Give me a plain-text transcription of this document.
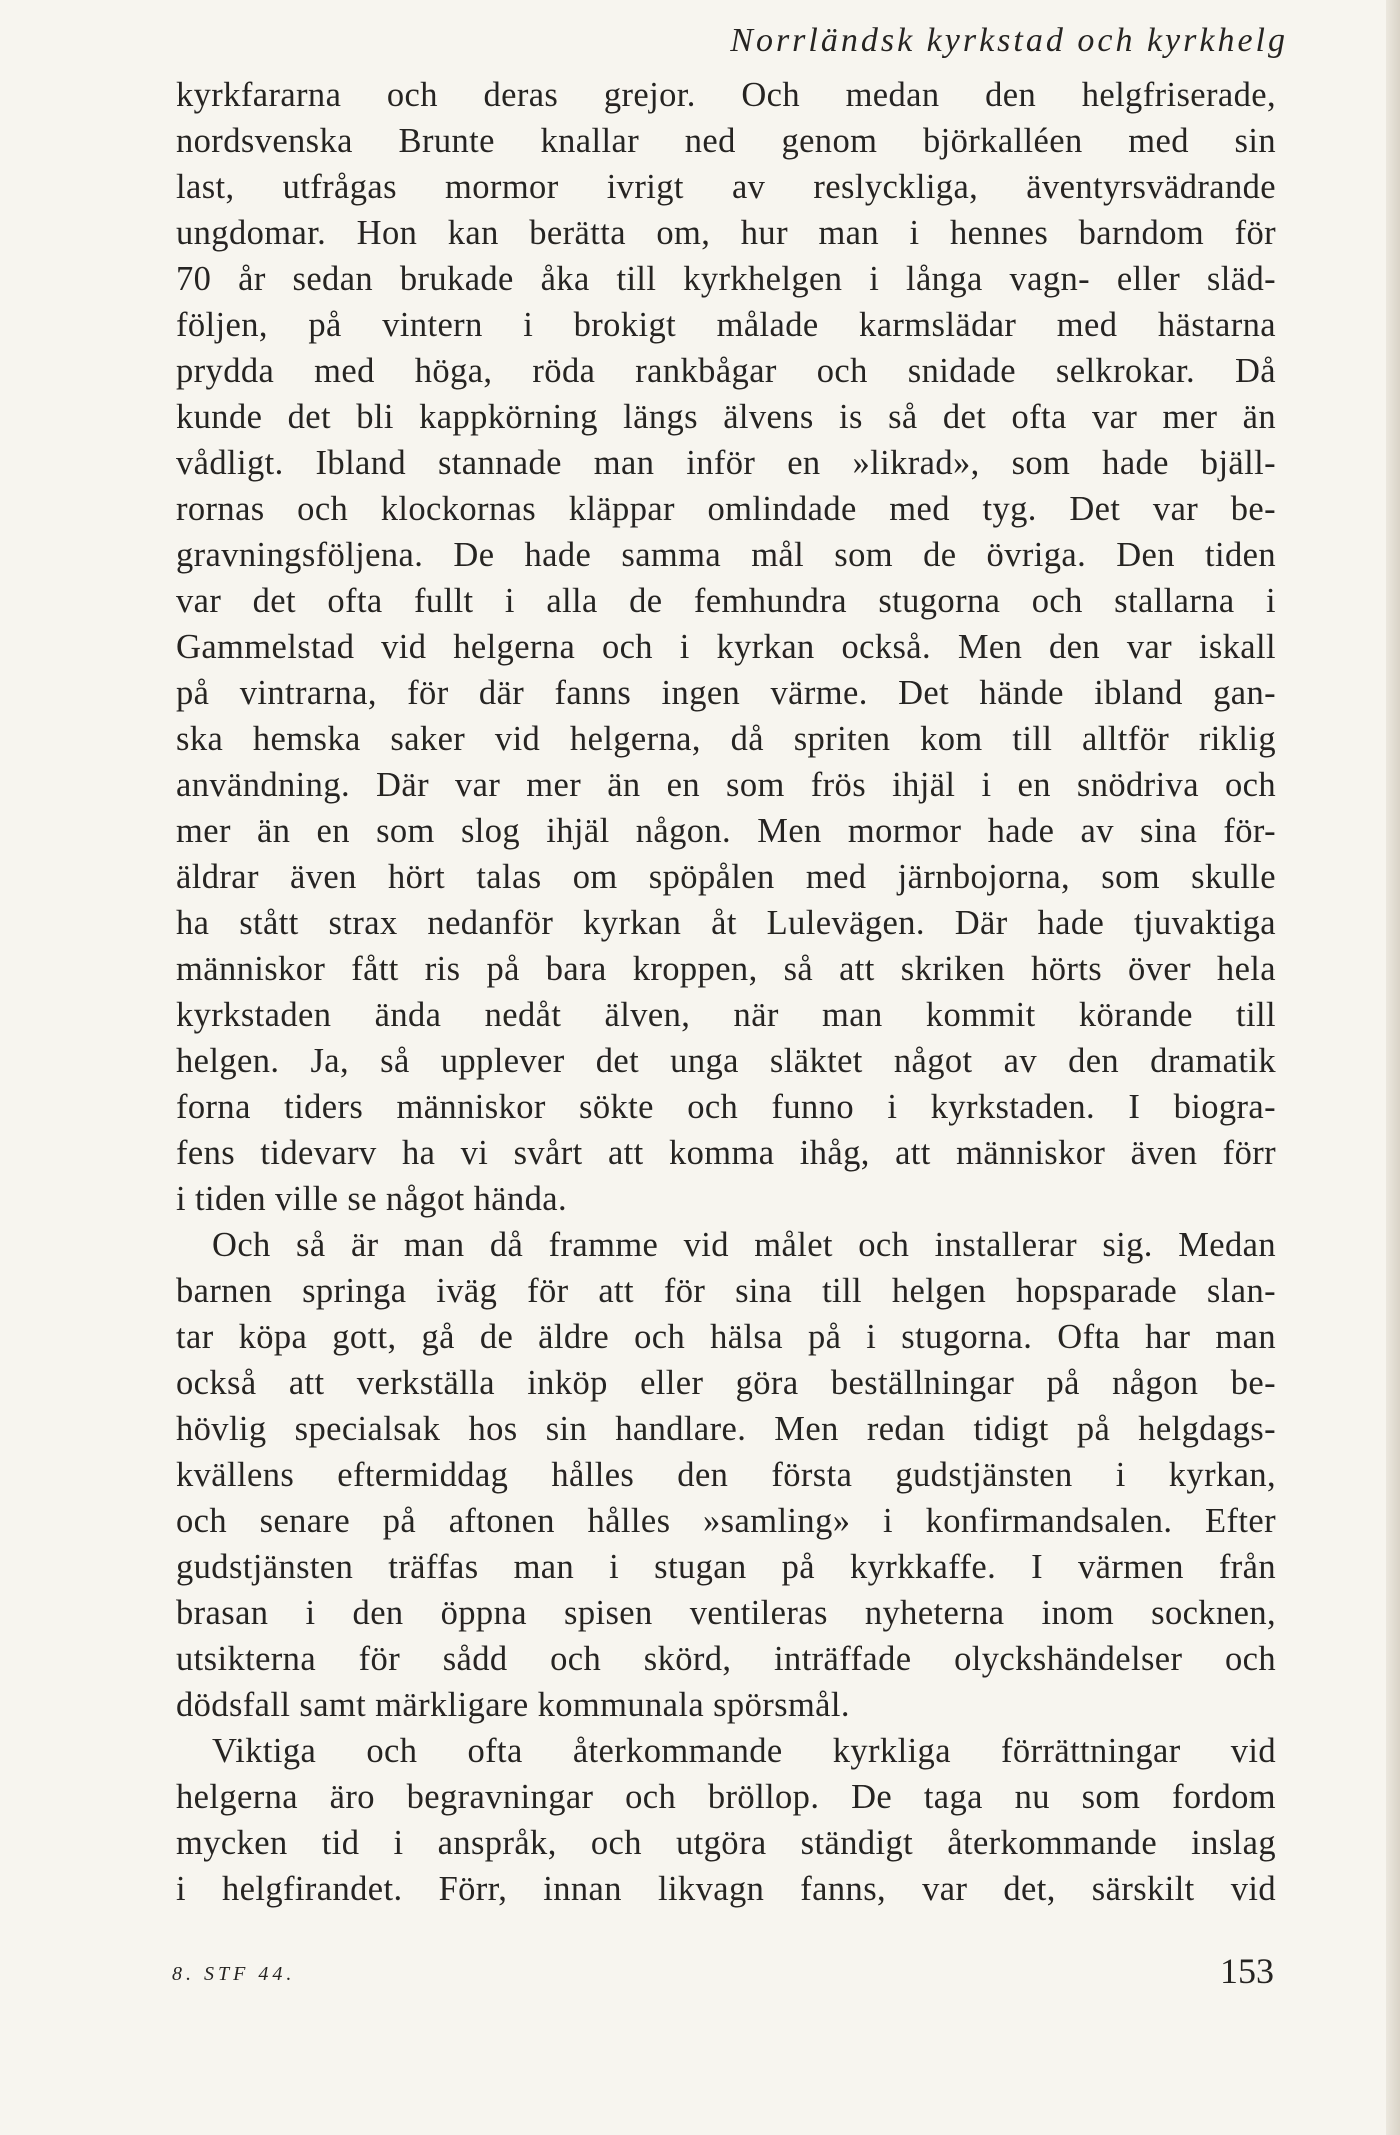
Norrländsk kyrkstad och kyrkhelg
kyrkfararna och deras grejor. Och medan den helgfriserade,
nordsvenska Brunte knallar ned genom björkalléen med sin
last, utfrågas mormor ivrigt av reslyckliga, äventyrsvädrande
ungdomar. Hon kan berätta om, hur man i hennes barndom för
70 år sedan brukade åka till kyrkhelgen i långa vagn- eller släd-
följen, på vintern i brokigt målade karmslädar med hästarna
prydda med höga, röda rankbågar och snidade selkrokar. Då
kunde det bli kappkörning längs älvens is så det ofta var mer än
vådligt. Ibland stannade man inför en »likrad», som hade bjäll-
rornas och klockornas kläppar omlindade med tyg. Det var be-
gravningsföljena. De hade samma mål som de övriga. Den tiden
var det ofta fullt i alla de femhundra stugorna och stallarna i
Gammelstad vid helgerna och i kyrkan också. Men den var iskall
på vintrarna, för där fanns ingen värme. Det hände ibland gan-
ska hemska saker vid helgerna, då spriten kom till alltför riklig
användning. Där var mer än en som frös ihjäl i en snödriva och
mer än en som slog ihjäl någon. Men mormor hade av sina för-
äldrar även hört talas om spöpålen med järnbojorna, som skulle
ha stått strax nedanför kyrkan åt Lulevägen. Där hade tjuvaktiga
människor fått ris på bara kroppen, så att skriken hörts över hela
kyrkstaden ända nedåt älven, när man kommit körande till
helgen. Ja, så upplever det unga släktet något av den dramatik
forna tiders människor sökte och funno i kyrkstaden. I biogra-
fens tidevarv ha vi svårt att komma ihåg, att människor även förr
i tiden ville se något hända.
Och så är man då framme vid målet och installerar sig. Medan
barnen springa iväg för att för sina till helgen hopsparade slan-
tar köpa gott, gå de äldre och hälsa på i stugorna. Ofta har man
också att verkställa inköp eller göra beställningar på någon be-
hövlig specialsak hos sin handlare. Men redan tidigt på helgdags-
kvällens eftermiddag hålles den första gudstjänsten i kyrkan,
och senare på aftonen hålles »samling» i konfirmandsalen. Efter
gudstjänsten träffas man i stugan på kyrkkaffe. I värmen från
brasan i den öppna spisen ventileras nyheterna inom socknen,
utsikterna för sådd och skörd, inträffade olyckshändelser och
dödsfall samt märkligare kommunala spörsmål.
Viktiga och ofta återkommande kyrkliga förrättningar vid
helgerna äro begravningar och bröllop. De taga nu som fordom
mycken tid i anspråk, och utgöra ständigt återkommande inslag
i helgfirandet. Förr, innan likvagn fanns, var det, särskilt vid
8. STF 44.	153
